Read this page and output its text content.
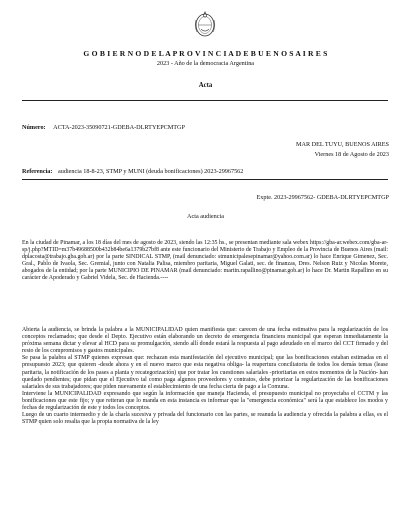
G O B I E R N O D E L A P R O V I N C I A D E B U E N O S A I R E S
2023 - Año de la democracia Argentina
Acta
Número: ACTA-2023-35090721-GDEBA-DLRTYEPCMTGP
MAR DEL TUYU, BUENOS AIRES
Viernes 18 de Agosto de 2023
Referencia: audiencia 18-8-23, STMP y MUNI (deuda bonificaciones) 2023-29967562
Expte. 2023-29967562- GDEBA-DLRTYEPCMTGP
Acta audiencia

En la ciudad de Pinamar, a los 18 días del mes de agosto de 2023, siendo las 12:35 hs., se presentan mediante sala webex https://gba-ar.webex.com/gba-ar-sp/j.php?MTID=m37b49688500b432b84be6a1379b27bf8 ante este funcionario del Ministerio de Trabajo y Empleo de la Provincia de Buenos Aires (mail: dplacosta@trabajo.gba.gob.ar) por la parte SINDICAL STMP, (mail denunciado: stmunicipalesepinamar@yahoo.com.ar) lo hace Enrique Gimenez, Sec. Gral., Pablo de Ivaola, Sec. Gremial, junto con Natalia Palisa, miembro paritaria, Miguel Galati, sec. de finanzas, Dres. Nelson Ruiz y Nicolas Morete, abogados de la entidad; por la parte MUNICIPIO DE PINAMAR (mail denunciado: martin.rapallino@pinamar.gob.ar) lo hace Dr. Martin Rapallino en su carácter de Apoderado y Gabriel Videla, Sec. de Hacienda.----

Abierta la audiencia, se brinda la palabra a la MUNICIPALIDAD quien manifiesta que: carecen de una fecha estimativa para la regularización de los conceptos reclamados; que desde el Depto. Ejecutivo están elaborando un decreto de emergencia financiera municipal que esperan inmediatamente la próxima semana dictar y elevar al HCD para su promulgación, siendo allí donde estará la respuesta al pago adeudado en el marco del CCT firmado y del resto de los compromisos y gastos municipales.

Se pasa la palabra al STMP quienes expresan que: rechazan esta manifestación del ejecutivo municipal; que las bonificaciones estaban estimadas en el presupuesto 2023; que quieren -desde ahora y en el nuevo marco que esta negativa obliga- la reapertura conciliatoria de todos los demás temas (lease paritaria, la notificación de los pases a planta y recategorización) que por tratar los cuestiones salariales -prioritarias en estos momentos de la Nación- han quedado pendientes; que pidan que el Ejecutivo tal como paga algunos proveedores y contratos, debe priorizar la regularización de las bonificaciones salariales de sus trabajadores; que piden nuevamente el establecimiento de una fecha cierta de pago a la Comuna.

Interviene la MUNICIPALIDAD expresando que según la información que maneja Hacienda, el presupuesto municipal no proyectaba el CCTM y las bonificaciones que este fijo; y que reiteran que lo manda en esta instancia es informar que la "emergencia económica" será la que establece los modos y fechas de regularización de este y todos los conceptos.

Luego de un cuarto intermedio y de la charla sucesiva y privada del funcionario con las partes, se reanuda la audiencia y ofrecida la palabra a ellas, es el STMP quien solo resalta que la propia normativa de la ley
